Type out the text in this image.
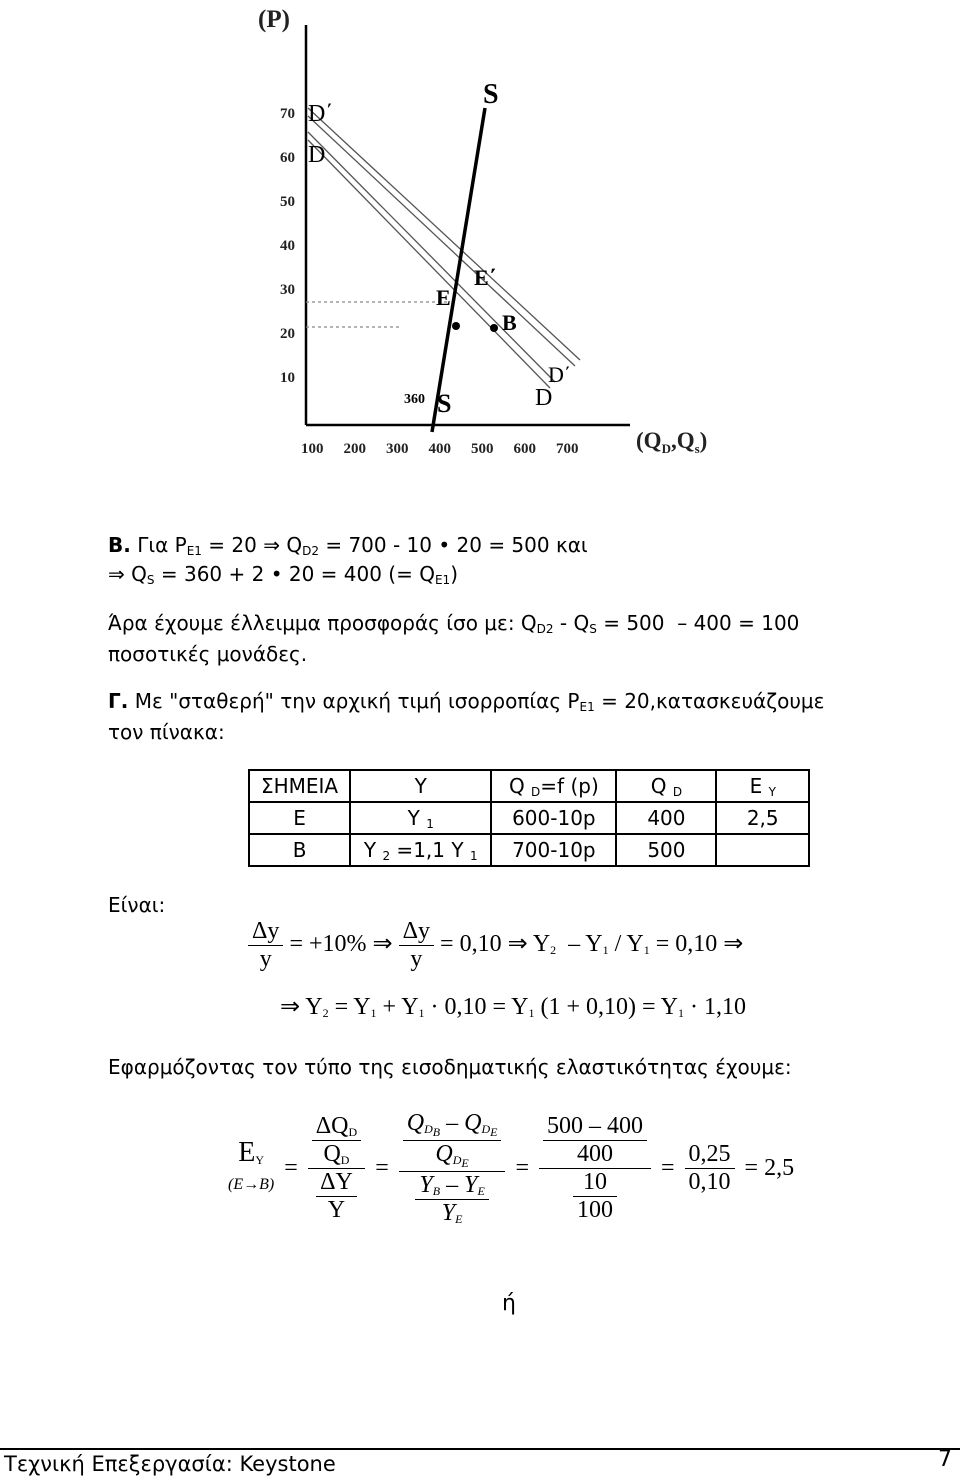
(P)
$(Q_D,Q_s)$
S
S
D΄
D
D΄
D
E
E΄
B
360
70
60
50
40
30
20
10
100 200 300 400 500 600 700
Β. Για $P_{E1} = 20$ ⇒ $Q_{D2} = 700 - 10$ • 20 = 500 και
⇒ $Q_S = 360 + 2$ • 20 = 400 (= $Q_{E1}$)
Άρα έχουμε έλλειμμα προσφοράς ίσο με: $Q_{D2} - Q_S = 500 - 400 = 100$
ποσοτικές μονάδες.
Γ. Με "σταθερή" την αρχική τιμή ισορροπίας $P_{E1} = 20,\kappa\alpha\tau\alpha\sigma\kappa\varepsilon\upsilon ά\zeta o\upsilon\mu\varepsilon$
τον πίνακα:
ΣΗΜΕΙΑ	Υ	Q $_D$=f (p)	Q $_D$	E $_Y$
Ε	Υ $_1$	600-10p	400	2,5
Β	Υ $_2$ =1,1 Υ $_1$	700-10p	500	
Είναι:
$\frac{\Delta y}{y} = +10\%$ ⇒ $\frac{\Delta y}{y} = 0,10$ ⇒ $Y_2 - Y_1 / Y_1 = 0,10$ ⇒
⇒ $Y_2 = Y_1 + Y_1 \cdot 0,10 = Y_1$ $(1 + 0,10) = Y_1 \cdot 1,10$
Εφαρμόζοντας τον τύπο της εισοδηματικής ελαστικότητας έχουμε:
$E_Y$
(E→B)
= $\frac{\frac{\Delta Q_D}{Q_D}}{\frac{\Delta Y}{Y}} = \frac{\frac{Q_{D_B} - Q_{D_E}}{Q_{D_E}}}{\frac{Y_B - Y_E}{Y_E}} = \frac{\frac{500 - 400}{400}}{\frac{10}{100}} = \frac{0,25}{0,10} = 2,5$
ή
Τεχνική Επεξεργασία: Keystone	7
